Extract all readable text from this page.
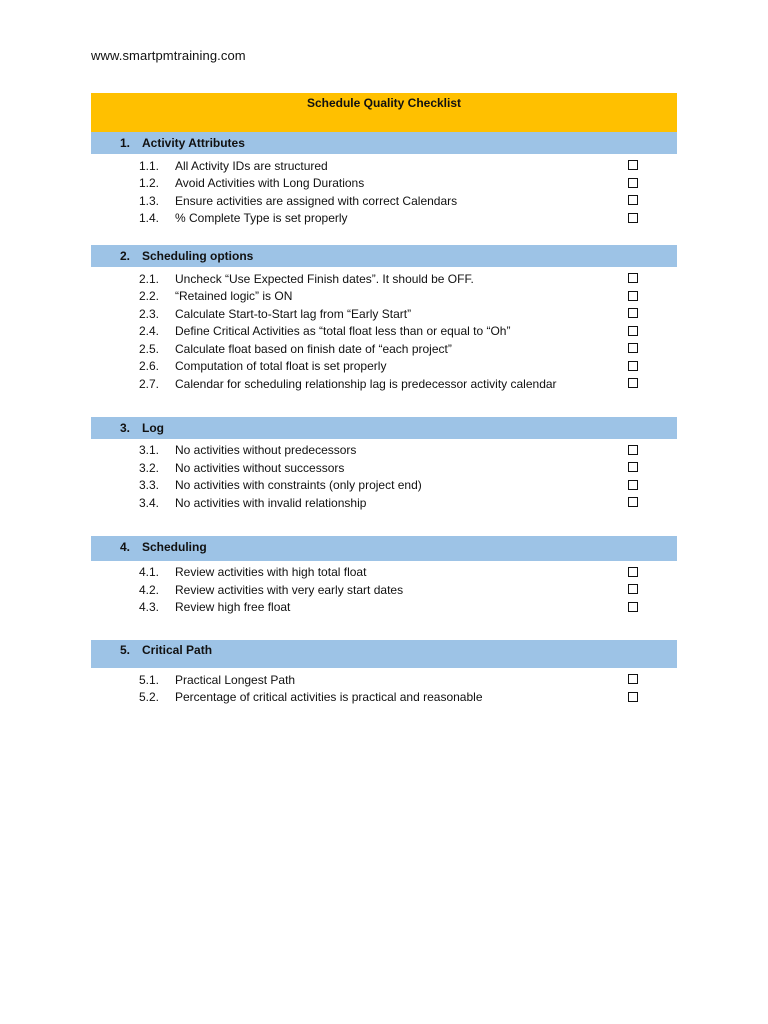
www.smartpmtraining.com
Schedule Quality Checklist
1. Activity Attributes
1.1.	All Activity IDs are structured
1.2.	Avoid Activities with Long Durations
1.3.	Ensure activities are assigned with correct Calendars
1.4.	% Complete Type is set properly
2. Scheduling options
2.1.	Uncheck “Use Expected Finish dates”. It should be OFF.
2.2.	“Retained logic” is ON
2.3.	Calculate Start-to-Start lag from “Early Start”
2.4.	Define Critical Activities as “total float less than or equal to “Oh”
2.5.	Calculate float based on finish date of “each project”
2.6.	Computation of total float is set properly
2.7.	Calendar for scheduling relationship lag is predecessor activity calendar
3. Log
3.1.	No activities without predecessors
3.2.	No activities without successors
3.3.	No activities with constraints (only project end)
3.4.	No activities with invalid relationship
4. Scheduling
4.1.	Review activities with high total float
4.2.	Review activities with very early start dates
4.3.	Review high free float
5. Critical Path
5.1.	Practical Longest Path
5.2.	Percentage of critical activities is practical and reasonable
